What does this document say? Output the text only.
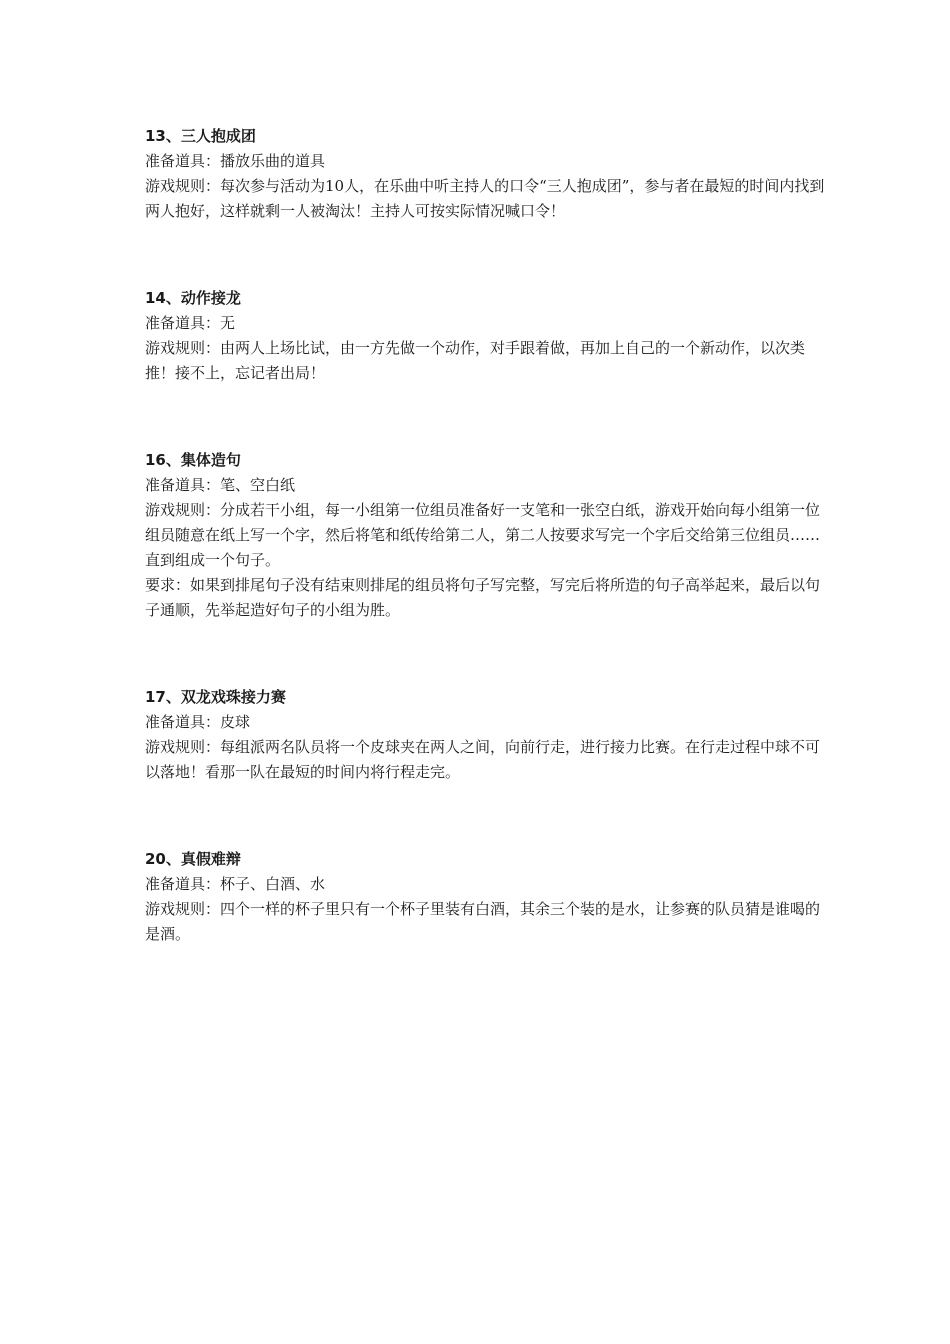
13、三人抱成团

准备道具：播放乐曲的道具

游戏规则：每次参与活动为10人，在乐曲中听主持人的口令“三人抱成团”，参与者在最短的时间内找到两人抱好，这样就剩一人被淘汰！主持人可按实际情况喊口令！

14、动作接龙

准备道具：无

游戏规则：由两人上场比试，由一方先做一个动作，对手跟着做，再加上自己的一个新动作，以次类推！接不上，忘记者出局！

16、集体造句

准备道具：笔、空白纸

游戏规则：分成若干小组，每一小组第一位组员准备好一支笔和一张空白纸，游戏开始向每小组第一位组员随意在纸上写一个字，然后将笔和纸传给第二人，第二人按要求写完一个字后交给第三位组员……直到组成一个句子。

要求：如果到排尾句子没有结束则排尾的组员将句子写完整，写完后将所造的句子高举起来，最后以句子通顺，先举起造好句子的小组为胜。

17、双龙戏珠接力赛

准备道具：皮球

游戏规则：每组派两名队员将一个皮球夹在两人之间，向前行走，进行接力比赛。在行走过程中球不可以落地！看那一队在最短的时间内将行程走完。

20、真假难辩

准备道具：杯子、白酒、水

游戏规则：四个一样的杯子里只有一个杯子里装有白酒，其余三个装的是水，让参赛的队员猜是谁喝的是酒。
